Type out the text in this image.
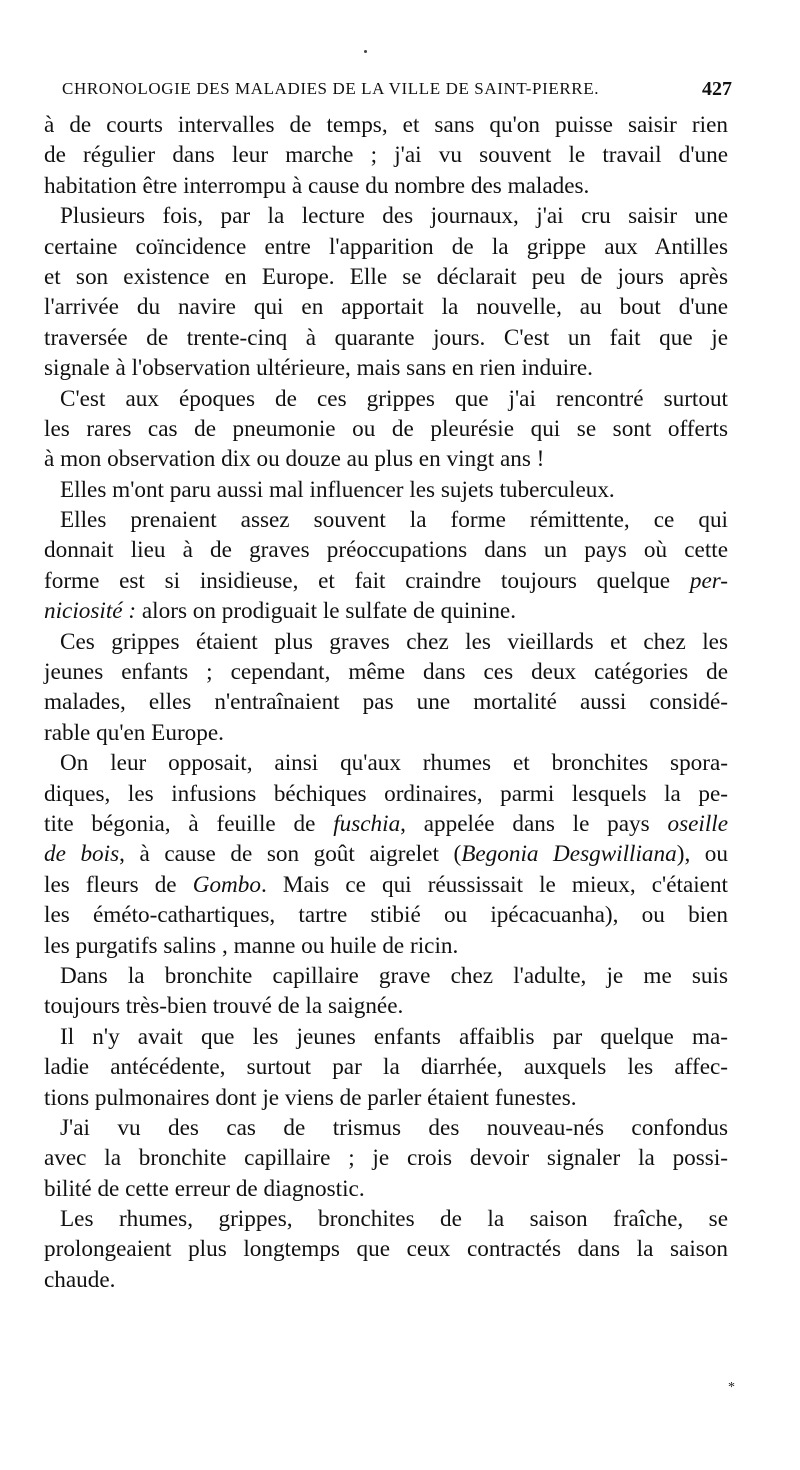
CHRONOLOGIE DES MALADIES DE LA VILLE DE SAINT-PIERRE.	427
à de courts intervalles de temps, et sans qu'on puisse saisir rien
de régulier dans leur marche ; j'ai vu souvent le travail d'une
habitation être interrompu à cause du nombre des malades.
Plusieurs fois, par la lecture des journaux, j'ai cru saisir une
certaine coïncidence entre l'apparition de la grippe aux Antilles
et son existence en Europe. Elle se déclarait peu de jours après
l'arrivée du navire qui en apportait la nouvelle, au bout d'une
traversée de trente-cinq à quarante jours. C'est un fait que je
signale à l'observation ultérieure, mais sans en rien induire.
C'est aux époques de ces grippes que j'ai rencontré surtout
les rares cas de pneumonie ou de pleurésie qui se sont offerts
à mon observation dix ou douze au plus en vingt ans !
Elles m'ont paru aussi mal influencer les sujets tuberculeux.
Elles prenaient assez souvent la forme rémittente, ce qui
donnait lieu à de graves préoccupations dans un pays où cette
forme est si insidieuse, et fait craindre toujours quelque per-
niciosité : alors on prodiguait le sulfate de quinine.
Ces grippes étaient plus graves chez les vieillards et chez les
jeunes enfants ; cependant, même dans ces deux catégories de
malades, elles n'entraînaient pas une mortalité aussi considé-
rable qu'en Europe.
On leur opposait, ainsi qu'aux rhumes et bronchites spora-
diques, les infusions béchiques ordinaires, parmi lesquels la pe-
tite bégonia, à feuille de fuschia, appelée dans le pays oseille
de bois, à cause de son goût aigrelet (Begonia Desgwilliana), ou
les fleurs de Gombo. Mais ce qui réussissait le mieux, c'étaient
les éméto-cathartiques, tartre stibié ou ipécacuanha), ou bien
les purgatifs salins , manne ou huile de ricin.
Dans la bronchite capillaire grave chez l'adulte, je me suis
toujours très-bien trouvé de la saignée.
Il n'y avait que les jeunes enfants affaiblis par quelque ma-
ladie antécédente, surtout par la diarrhée, auxquels les affec-
tions pulmonaires dont je viens de parler étaient funestes.
J'ai vu des cas de trismus des nouveau-nés confondus
avec la bronchite capillaire ; je crois devoir signaler la possi-
bilité de cette erreur de diagnostic.
Les rhumes, grippes, bronchites de la saison fraîche, se
prolongeaient plus longtemps que ceux contractés dans la saison
chaude.
*
